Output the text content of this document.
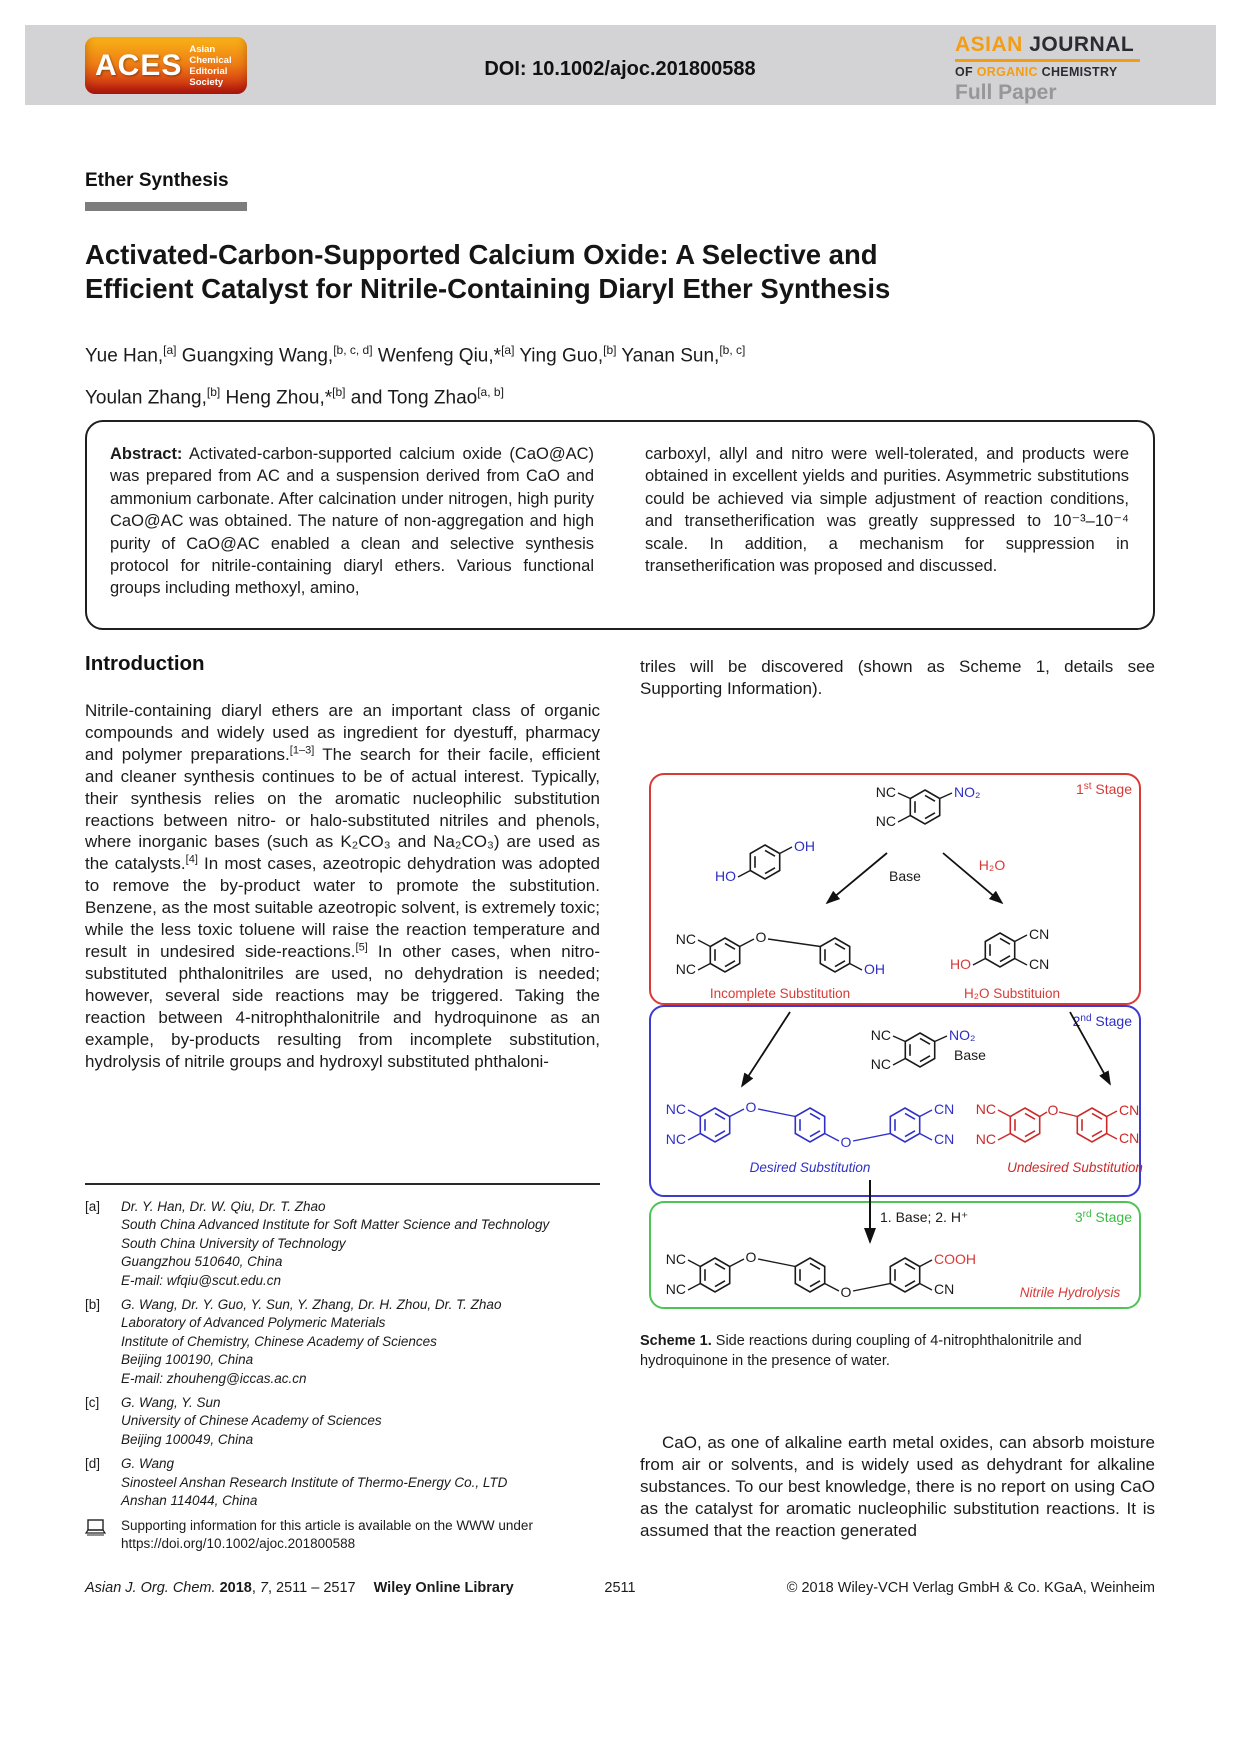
ACES Asian Chemical
Editorial Society
DOI: 10.1002/ajoc.201800588
ASIAN JOURNAL
OF ORGANIC CHEMISTRY
Full Paper
Ether Synthesis
Activated-Carbon-Supported Calcium Oxide: A Selective and
Efficient Catalyst for Nitrile-Containing Diaryl Ether Synthesis
Yue Han,[a] Guangxing Wang,[b, c, d] Wenfeng Qiu,*[a] Ying Guo,[b] Yanan Sun,[b, c]
Youlan Zhang,[b] Heng Zhou,*[b] and Tong Zhao[a, b]
Abstract: Activated-carbon-supported calcium oxide (CaO@AC) was prepared from AC and a suspension derived from CaO and ammonium carbonate. After calcination under nitrogen, high purity CaO@AC was obtained. The nature of non-aggregation and high purity of CaO@AC enabled a clean and selective synthesis protocol for nitrile-containing diaryl ethers. Various functional groups including methoxyl, amino,
carboxyl, allyl and nitro were well-tolerated, and products were obtained in excellent yields and purities. Asymmetric substitutions could be achieved via simple adjustment of reaction conditions, and transetherification was greatly suppressed to 10⁻³–10⁻⁴ scale. In addition, a mechanism for suppression in transetherification was proposed and discussed.
Introduction
Nitrile-containing diaryl ethers are an important class of organic compounds and widely used as ingredient for dyestuff, pharmacy and polymer preparations.[1–3] The search for their facile, efficient and cleaner synthesis continues to be of actual interest. Typically, their synthesis relies on the aromatic nucleophilic substitution reactions between nitro- or halo-substituted nitriles and phenols, where inorganic bases (such as K₂CO₃ and Na₂CO₃) are used as the catalysts.[4] In most cases, azeotropic dehydration was adopted to remove the by-product water to promote the substitution. Benzene, as the most suitable azeotropic solvent, is extremely toxic; while the less toxic toluene will raise the reaction temperature and result in undesired side-reactions.[5] In other cases, when nitro-substituted phthalonitriles are used, no dehydration is needed; however, several side reactions may be triggered. Taking the reaction between 4-nitrophthalonitrile and hydroquinone as an example, by-products resulting from incomplete substitution, hydrolysis of nitrile groups and hydroxyl substituted phthaloni-
[a]	Dr. Y. Han, Dr. W. Qiu, Dr. T. Zhao
South China Advanced Institute for Soft Matter Science and Technology
South China University of Technology
Guangzhou 510640, China
E-mail: wfqiu@scut.edu.cn
[b]	G. Wang, Dr. Y. Guo, Y. Sun, Y. Zhang, Dr. H. Zhou, Dr. T. Zhao
Laboratory of Advanced Polymeric Materials
Institute of Chemistry, Chinese Academy of Sciences
Beijing 100190, China
E-mail: zhouheng@iccas.ac.cn
[c]	G. Wang, Y. Sun
University of Chinese Academy of Sciences
Beijing 100049, China
[d]	G. Wang
Sinosteel Anshan Research Institute of Thermo-Energy Co., LTD
Anshan 114044, China
Supporting information for this article is available on the WWW under
https://doi.org/10.1002/ajoc.201800588
triles will be discovered (shown as Scheme 1, details see Supporting Information).
1st Stage
2nd Stage
3rd Stage
NC
NC
NO₂
OH
HO	Base
H₂O
NC
NC
O
OH
Incomplete Substitution
HO
CN
CN
H₂O Substituion
NC
NC
NO₂
Base
NC
NC
O
O
CN
CN
Desired Substitution
NC
NC
O	CN
CN
Undesired Substitution
1. Base; 2. H⁺
NC
NC
O
O
COOH
CN	Nitrile Hydrolysis
Scheme 1. Side reactions during coupling of 4-nitrophthalonitrile and hydroquinone in the presence of water.
CaO, as one of alkaline earth metal oxides, can absorb moisture from air or solvents, and is widely used as dehydrant for alkaline substances. To our best knowledge, there is no report on using CaO as the catalyst for aromatic nucleophilic substitution reactions. It is assumed that the reaction generated
Asian J. Org. Chem. 2018, 7, 2511 – 2517 Wiley Online Library	2511	© 2018 Wiley-VCH Verlag GmbH & Co. KGaA, Weinheim
